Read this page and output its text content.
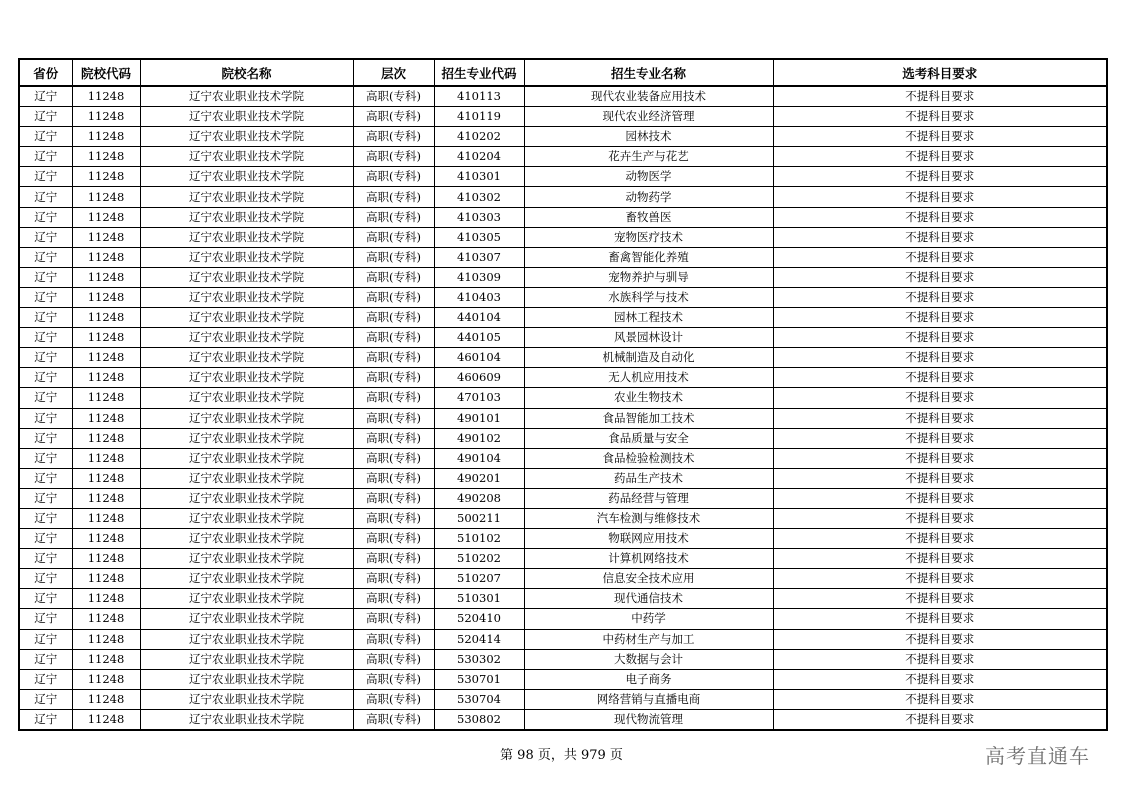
省份	院校代码	院校名称	层次	招生专业代码	招生专业名称	选考科目要求
辽宁	11248	辽宁农业职业技术学院	高职(专科)	410113	现代农业装备应用技术	不提科目要求
辽宁	11248	辽宁农业职业技术学院	高职(专科)	410119	现代农业经济管理	不提科目要求
辽宁	11248	辽宁农业职业技术学院	高职(专科)	410202	园林技术	不提科目要求
辽宁	11248	辽宁农业职业技术学院	高职(专科)	410204	花卉生产与花艺	不提科目要求
辽宁	11248	辽宁农业职业技术学院	高职(专科)	410301	动物医学	不提科目要求
辽宁	11248	辽宁农业职业技术学院	高职(专科)	410302	动物药学	不提科目要求
辽宁	11248	辽宁农业职业技术学院	高职(专科)	410303	畜牧兽医	不提科目要求
辽宁	11248	辽宁农业职业技术学院	高职(专科)	410305	宠物医疗技术	不提科目要求
辽宁	11248	辽宁农业职业技术学院	高职(专科)	410307	畜禽智能化养殖	不提科目要求
辽宁	11248	辽宁农业职业技术学院	高职(专科)	410309	宠物养护与驯导	不提科目要求
辽宁	11248	辽宁农业职业技术学院	高职(专科)	410403	水族科学与技术	不提科目要求
辽宁	11248	辽宁农业职业技术学院	高职(专科)	440104	园林工程技术	不提科目要求
辽宁	11248	辽宁农业职业技术学院	高职(专科)	440105	风景园林设计	不提科目要求
辽宁	11248	辽宁农业职业技术学院	高职(专科)	460104	机械制造及自动化	不提科目要求
辽宁	11248	辽宁农业职业技术学院	高职(专科)	460609	无人机应用技术	不提科目要求
辽宁	11248	辽宁农业职业技术学院	高职(专科)	470103	农业生物技术	不提科目要求
辽宁	11248	辽宁农业职业技术学院	高职(专科)	490101	食品智能加工技术	不提科目要求
辽宁	11248	辽宁农业职业技术学院	高职(专科)	490102	食品质量与安全	不提科目要求
辽宁	11248	辽宁农业职业技术学院	高职(专科)	490104	食品检验检测技术	不提科目要求
辽宁	11248	辽宁农业职业技术学院	高职(专科)	490201	药品生产技术	不提科目要求
辽宁	11248	辽宁农业职业技术学院	高职(专科)	490208	药品经营与管理	不提科目要求
辽宁	11248	辽宁农业职业技术学院	高职(专科)	500211	汽车检测与维修技术	不提科目要求
辽宁	11248	辽宁农业职业技术学院	高职(专科)	510102	物联网应用技术	不提科目要求
辽宁	11248	辽宁农业职业技术学院	高职(专科)	510202	计算机网络技术	不提科目要求
辽宁	11248	辽宁农业职业技术学院	高职(专科)	510207	信息安全技术应用	不提科目要求
辽宁	11248	辽宁农业职业技术学院	高职(专科)	510301	现代通信技术	不提科目要求
辽宁	11248	辽宁农业职业技术学院	高职(专科)	520410	中药学	不提科目要求
辽宁	11248	辽宁农业职业技术学院	高职(专科)	520414	中药材生产与加工	不提科目要求
辽宁	11248	辽宁农业职业技术学院	高职(专科)	530302	大数据与会计	不提科目要求
辽宁	11248	辽宁农业职业技术学院	高职(专科)	530701	电子商务	不提科目要求
辽宁	11248	辽宁农业职业技术学院	高职(专科)	530704	网络营销与直播电商	不提科目要求
辽宁	11248	辽宁农业职业技术学院	高职(专科)	530802	现代物流管理	不提科目要求
第 98 页，共 979 页	高考直通车
